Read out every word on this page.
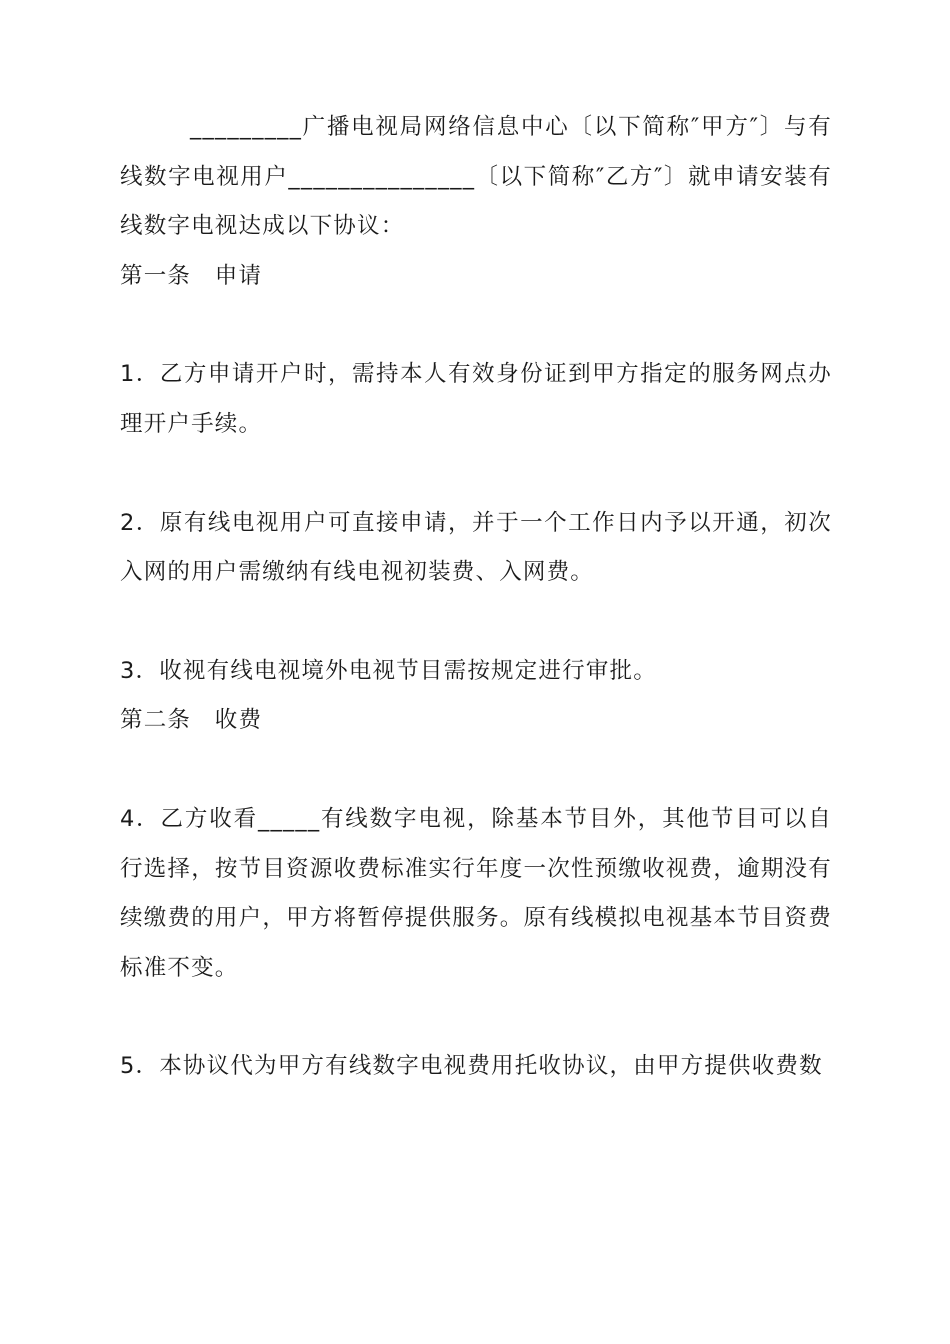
_________广播电视局网络信息中心〔以下简称″甲方″〕与有线数字电视用户_______________〔以下简称″乙方″〕就申请安装有线数字电视达成以下协议：

第一条　申请

1．乙方申请开户时，需持本人有效身份证到甲方指定的服务网点办理开户手续。

2．原有线电视用户可直接申请，并于一个工作日内予以开通，初次入网的用户需缴纳有线电视初装费、入网费。

3．收视有线电视境外电视节目需按规定进行审批。

第二条　收费

4．乙方收看_____有线数字电视，除基本节目外，其他节目可以自行选择，按节目资源收费标准实行年度一次性预缴收视费，逾期没有续缴费的用户，甲方将暂停提供服务。原有线模拟电视基本节目资费标准不变。

5．本协议代为甲方有线数字电视费用托收协议，由甲方提供收费数
